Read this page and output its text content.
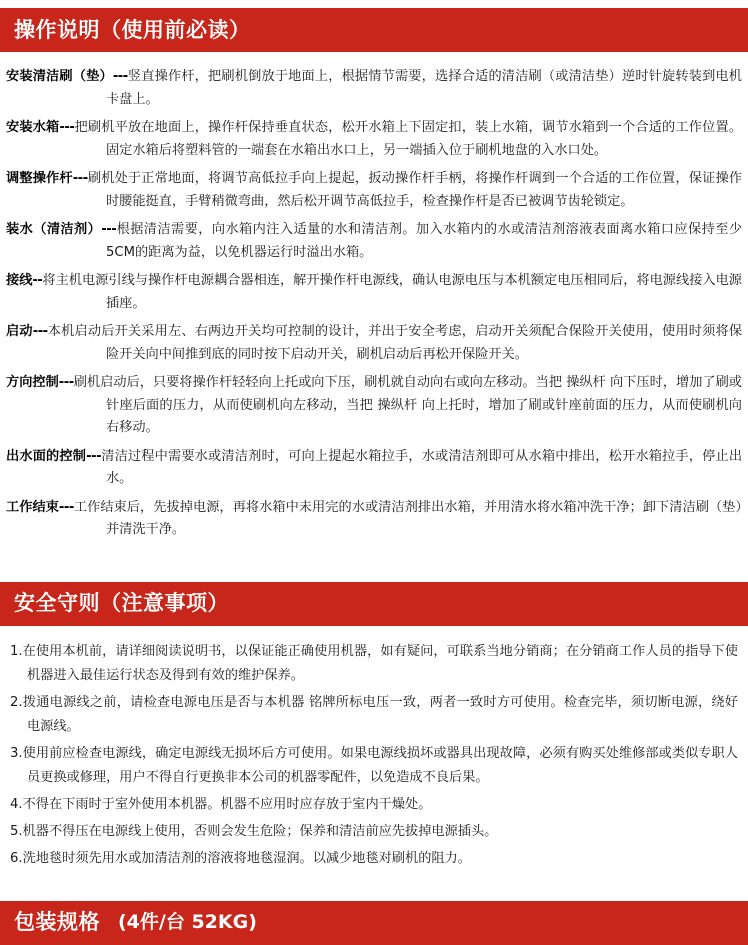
操作说明（使用前必读）

安装清洁刷（垫）---竖直操作杆，把刷机倒放于地面上，根据情节需要，选择合适的清洁刷（或清洁垫）逆时针旋转装到电机卡盘上。

安装水箱---把刷机平放在地面上，操作杆保持垂直状态，松开水箱上下固定扣，装上水箱，调节水箱到一个合适的工作位置。固定水箱后将塑料管的一端套在水箱出水口上，另一端插入位于刷机地盘的入水口处。

调整操作杆---刷机处于正常地面，将调节高低拉手向上提起，扳动操作杆手柄，将操作杆调到一个合适的工作位置，保证操作时腰能挺直，手臂稍微弯曲，然后松开调节高低拉手，检查操作杆是否已被调节齿轮锁定。

装水（清洁剂）---根据清洁需要，向水箱内注入适量的水和清洁剂。加入水箱内的水或清洁剂溶液表面离水箱口应保持至少5CM的距离为益，以免机器运行时溢出水箱。

接线--将主机电源引线与操作杆电源耦合器相连，解开操作杆电源线，确认电源电压与本机额定电压相同后，将电源线接入电源插座。

启动---本机启动后开关采用左、右两边开关均可控制的设计，并出于安全考虑，启动开关须配合保险开关使用，使用时须将保险开关向中间推到底的同时按下启动开关，刷机启动后再松开保险开关。

方向控制---刷机启动后，只要将操作杆轻轻向上托或向下压，刷机就自动向右或向左移动。当把 操纵杆 向下压时，增加了刷或针座后面的压力，从而使刷机向左移动，当把 操纵杆 向上托时，增加了刷或针座前面的压力，从而使刷机向右移动。

出水面的控制---清洁过程中需要水或清洁剂时，可向上提起水箱拉手，水或清洁剂即可从水箱中排出，松开水箱拉手，停止出水。

工作结束---工作结束后，先拔掉电源，再将水箱中未用完的水或清洁剂排出水箱，并用清水将水箱冲洗干净；卸下清洁刷（垫）并清洗干净。

安全守则（注意事项）

1.在使用本机前，请详细阅读说明书，以保证能正确使用机器，如有疑问，可联系当地分销商；在分销商工作人员的指导下使机器进入最佳运行状态及得到有效的维护保养。

2.拨通电源线之前，请检查电源电压是否与本机器 铭牌所标电压一致，两者一致时方可使用。检查完毕，须切断电源，绕好电源线。

3.使用前应检查电源线，确定电源线无损坏后方可使用。如果电源线损坏或器具出现故障，必须有购买处维修部或类似专职人员更换或修理，用户不得自行更换非本公司的机器零配件，以免造成不良后果。

4.不得在下雨时于室外使用本机器。机器不应用时应存放于室内干燥处。

5.机器不得压在电源线上使用，否则会发生危险；保养和清洁前应先拔掉电源插头。

6.洗地毯时须先用水或加清洁剂的溶液将地毯湿润。以减少地毯对刷机的阻力。

包装规格 (4件/台 52KG)
